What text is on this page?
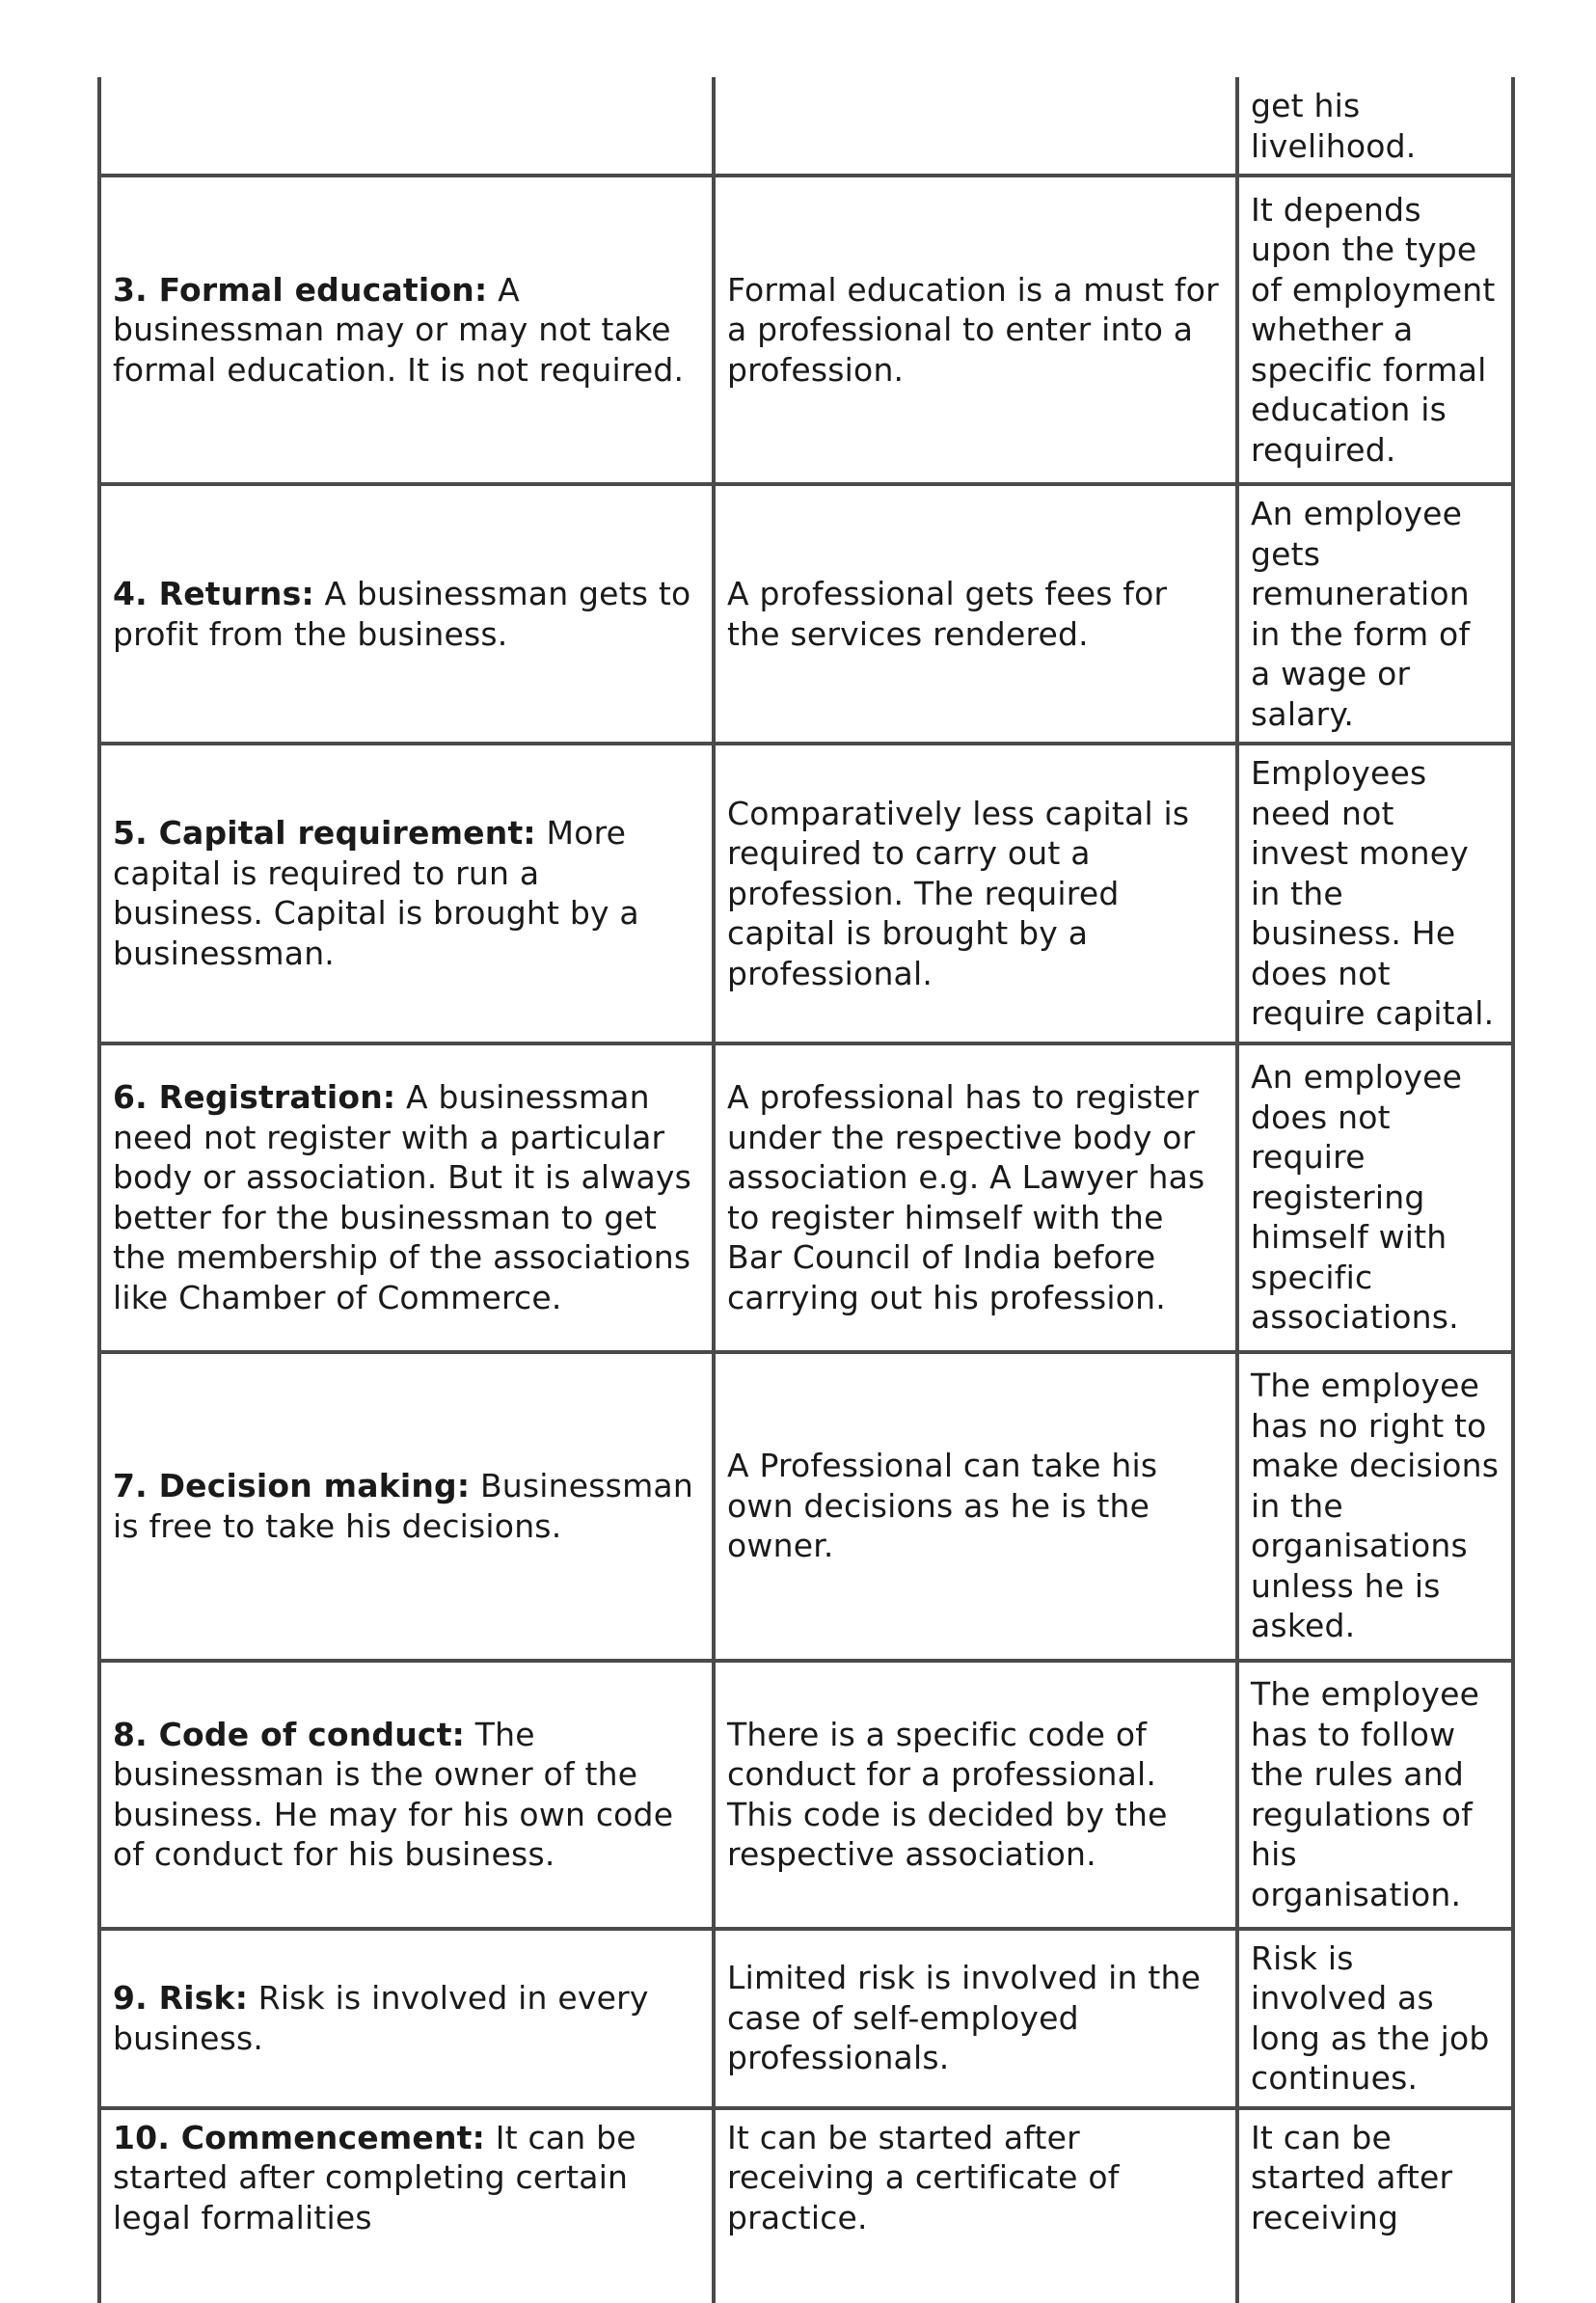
		get his livelihood.
3. Formal education: A businessman may or may not take formal education. It is not required.	Formal education is a must for a professional to enter into a profession.	It depends upon the type of employment whether a specific formal education is required.
4. Returns: A businessman gets to profit from the business.	A professional gets fees for the services rendered.	An employee gets remuneration in the form of a wage or salary.
5. Capital requirement: More capital is required to run a business. Capital is brought by a businessman.	Comparatively less capital is required to carry out a profession. The required capital is brought by a professional.	Employees need not invest money in the business. He does not require capital.
6. Registration: A businessman need not register with a particular body or association. But it is always better for the businessman to get the membership of the associations like Chamber of Commerce.	A professional has to register under the respective body or association e.g. A Lawyer has to register himself with the Bar Council of India before carrying out his profession.	An employee does not require registering himself with specific associations.
7. Decision making: Businessman is free to take his decisions.	A Professional can take his own decisions as he is the owner.	The employee has no right to make decisions in the organisations unless he is asked.
8. Code of conduct: The businessman is the owner of the business. He may for his own code of conduct for his business.	There is a specific code of conduct for a professional. This code is decided by the respective association.	The employee has to follow the rules and regulations of his organisation.
9. Risk: Risk is involved in every business.	Limited risk is involved in the case of self-employed professionals.	Risk is involved as long as the job continues.
10. Commencement: It can be started after completing certain legal formalities	It can be started after receiving a certificate of practice.	It can be started after receiving
